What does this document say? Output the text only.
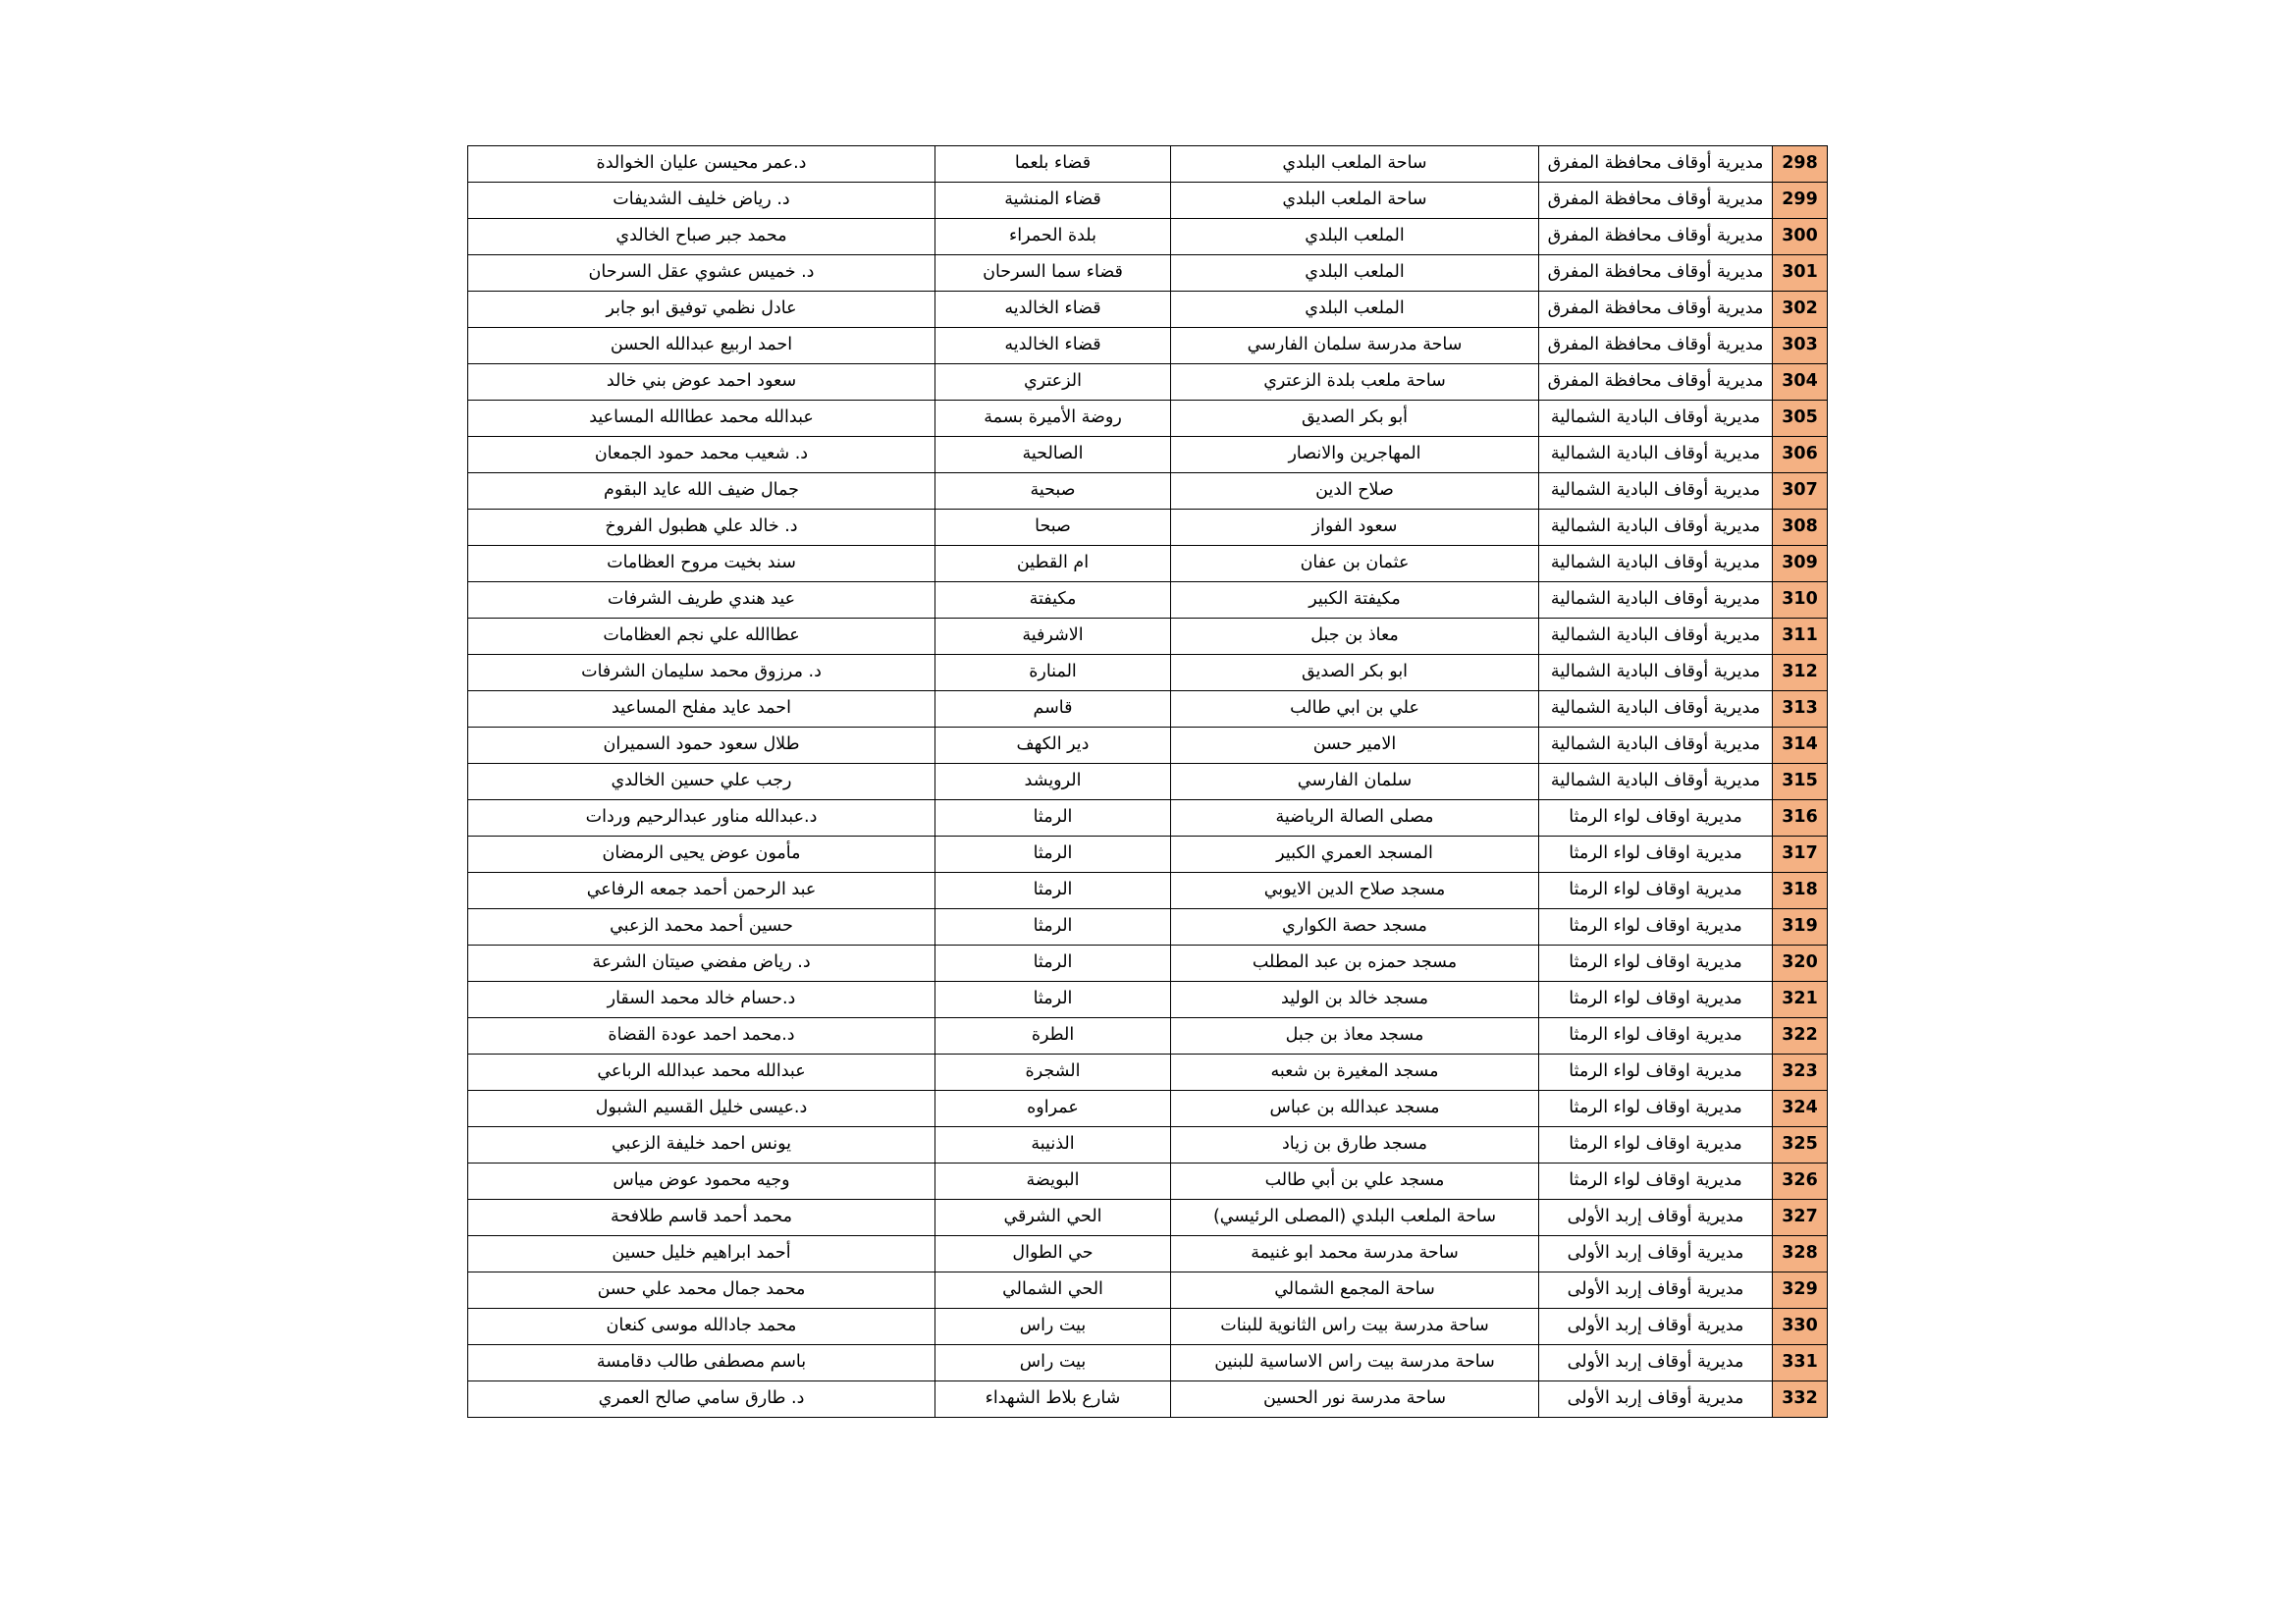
298	مديرية أوقاف محافظة المفرق	ساحة الملعب البلدي	قضاء بلعما	د.عمر محيسن عليان الخوالدة
299	مديرية أوقاف محافظة المفرق	ساحة الملعب البلدي	قضاء المنشية	د. رياض خليف الشديفات
300	مديرية أوقاف محافظة المفرق	الملعب البلدي	بلدة الحمراء	محمد جبر صباح الخالدي
301	مديرية أوقاف محافظة المفرق	الملعب البلدي	قضاء سما السرحان	د. خميس عشوي عقل السرحان
302	مديرية أوقاف محافظة المفرق	الملعب البلدي	قضاء الخالديه	عادل نظمي توفيق ابو جابر
303	مديرية أوقاف محافظة المفرق	ساحة مدرسة سلمان الفارسي	قضاء الخالديه	احمد اربيع عبدالله الحسن
304	مديرية أوقاف محافظة المفرق	ساحة ملعب بلدة الزعتري	الزعتري	سعود احمد عوض بني خالد
305	مديرية أوقاف البادية الشمالية	أبو بكر الصديق	روضة الأميرة بسمة	عبدالله محمد عطاالله المساعيد
306	مديرية أوقاف البادية الشمالية	المهاجرين والانصار	الصالحية	د. شعيب محمد حمود الجمعان
307	مديرية أوقاف البادية الشمالية	صلاح الدين	صبحية	جمال ضيف الله عايد البقوم
308	مديرية أوقاف البادية الشمالية	سعود الفواز	صبحا	د. خالد علي هطبول الفروخ
309	مديرية أوقاف البادية الشمالية	عثمان بن عفان	ام القطين	سند بخيت مروح العظامات
310	مديرية أوقاف البادية الشمالية	مكيفتة الكبير	مكيفتة	عيد هندي طريف الشرفات
311	مديرية أوقاف البادية الشمالية	معاذ بن جبل	الاشرفية	عطاالله علي نجم العظامات
312	مديرية أوقاف البادية الشمالية	ابو بكر الصديق	المنارة	د. مرزوق محمد سليمان الشرفات
313	مديرية أوقاف البادية الشمالية	علي بن ابي طالب	قاسم	احمد عايد مفلح المساعيد
314	مديرية أوقاف البادية الشمالية	الامير حسن	دير الكهف	طلال سعود حمود السميران
315	مديرية أوقاف البادية الشمالية	سلمان الفارسي	الرويشد	رجب علي حسين الخالدي
316	مديرية اوقاف لواء الرمثا	مصلى الصالة الرياضية	الرمثا	د.عبدالله مناور عبدالرحيم وردات
317	مديرية اوقاف لواء الرمثا	المسجد العمري الكبير	الرمثا	مأمون عوض يحيى الرمضان
318	مديرية اوقاف لواء الرمثا	مسجد صلاح الدين الايوبي	الرمثا	عبد الرحمن أحمد جمعه الرفاعي
319	مديرية اوقاف لواء الرمثا	مسجد حصة الكواري	الرمثا	حسين أحمد محمد الزعبي
320	مديرية اوقاف لواء الرمثا	مسجد حمزه بن عبد المطلب	الرمثا	د. رياض مفضي صيتان الشرعة
321	مديرية اوقاف لواء الرمثا	مسجد خالد بن الوليد	الرمثا	د.حسام خالد محمد السقار
322	مديرية اوقاف لواء الرمثا	مسجد معاذ بن جبل	الطرة	د.محمد احمد عودة القضاة
323	مديرية اوقاف لواء الرمثا	مسجد المغيرة بن شعبه	الشجرة	عبدالله محمد عبدالله الرباعي
324	مديرية اوقاف لواء الرمثا	مسجد عبدالله بن عباس	عمراوه	د.عيسى خليل القسيم الشبول
325	مديرية اوقاف لواء الرمثا	مسجد طارق بن زياد	الذنيبة	يونس احمد خليفة الزعبي
326	مديرية اوقاف لواء الرمثا	مسجد علي بن أبي طالب	البويضة	وجيه محمود عوض مياس
327	مديرية أوقاف إربد الأولى	ساحة الملعب البلدي (المصلى الرئيسي)	الحي الشرقي	محمد أحمد قاسم طلافحة
328	مديرية أوقاف إربد الأولى	ساحة مدرسة محمد ابو غنيمة	حي الطوال	أحمد ابراهيم خليل حسين
329	مديرية أوقاف إربد الأولى	ساحة المجمع الشمالي	الحي الشمالي	محمد جمال محمد علي حسن
330	مديرية أوقاف إربد الأولى	ساحة مدرسة بيت راس الثانوية للبنات	بيت راس	محمد جادالله موسى كنعان
331	مديرية أوقاف إربد الأولى	ساحة مدرسة بيت راس الاساسية للبنين	بيت راس	باسم مصطفى طالب دقامسة
332	مديرية أوقاف إربد الأولى	ساحة مدرسة نور الحسين	شارع بلاط الشهداء	د. طارق سامي صالح العمري
